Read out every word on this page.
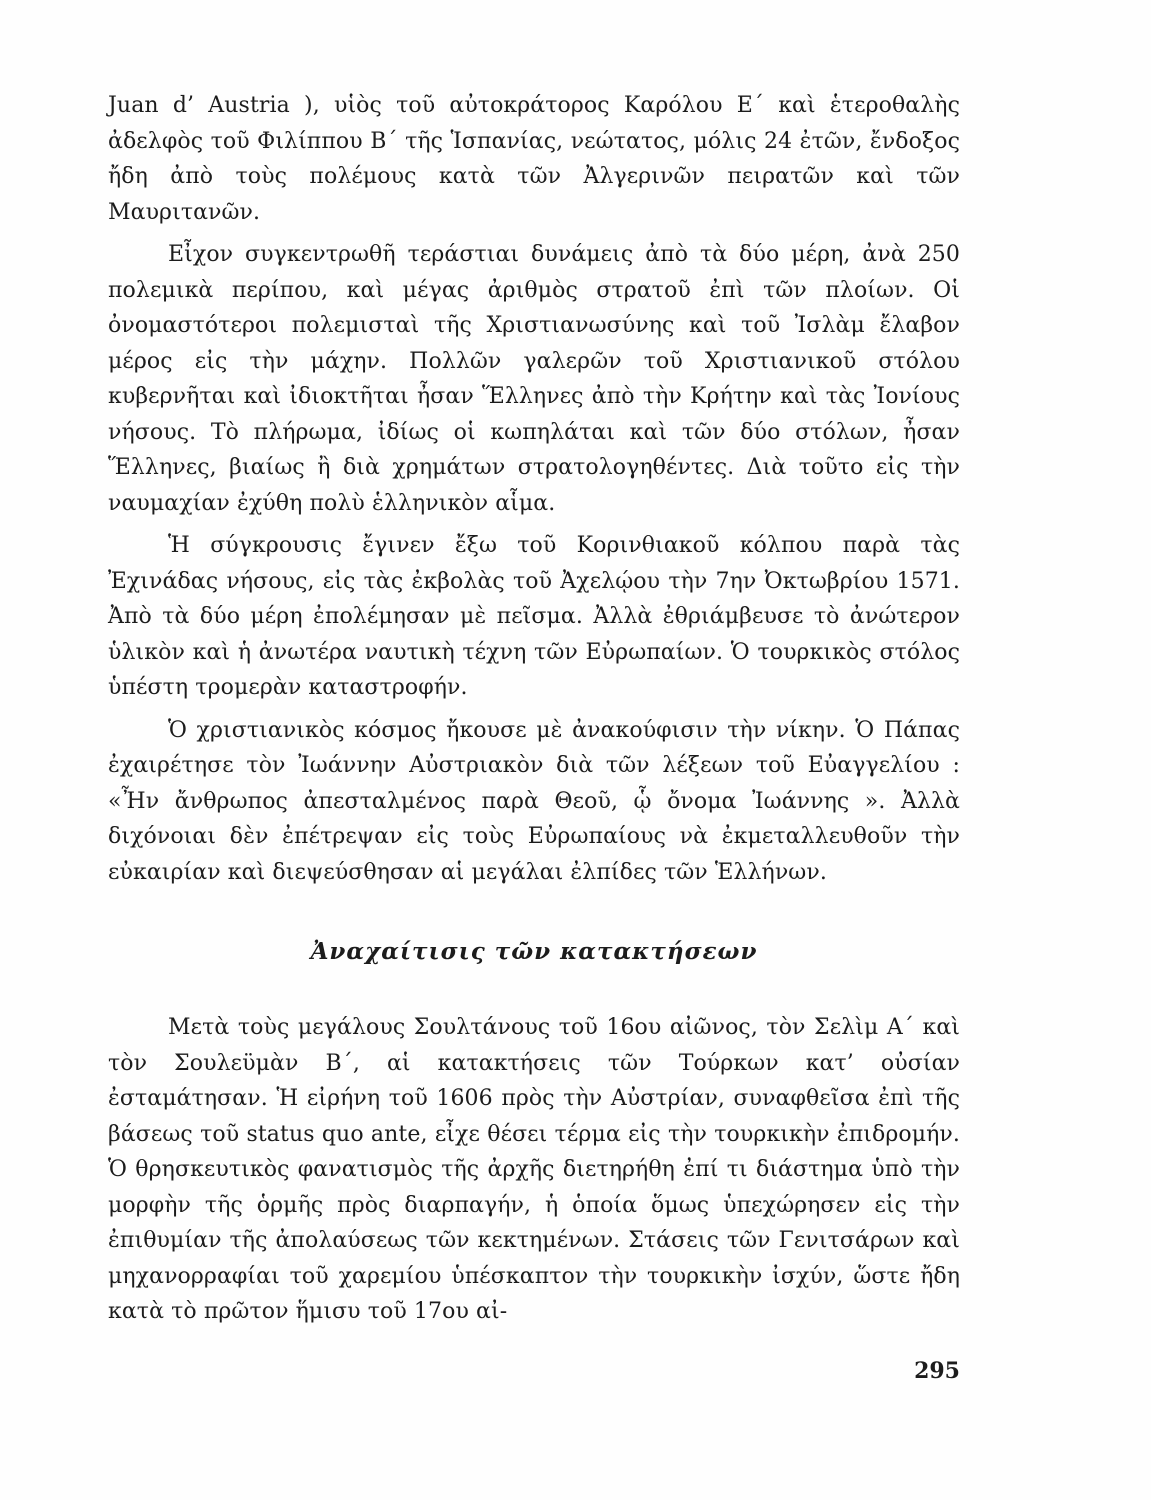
Juan d’ Austria ), υἱὸς τοῦ αὐτοκράτορος Καρόλου Ε΄ καὶ ἑτεροθαλὴς ἀδελφὸς τοῦ Φιλίππου Β΄ τῆς Ἱσπανίας, νεώτατος, μόλις 24 ἐτῶν, ἔνδοξος ἤδη ἀπὸ τοὺς πολέμους κατὰ τῶν Ἀλγερινῶν πειρατῶν καὶ τῶν Μαυριτανῶν.

Εἶχον συγκεντρωθῆ τεράστιαι δυνάμεις ἀπὸ τὰ δύο μέρη, ἀνὰ 250 πολεμικὰ περίπου, καὶ μέγας ἀριθμὸς στρατοῦ ἐπὶ τῶν πλοίων. Οἱ ὀνομαστότεροι πολεμισταὶ τῆς Χριστιανωσύνης καὶ τοῦ Ἰσλὰμ ἔλαβον μέρος εἰς τὴν μάχην. Πολλῶν γαλερῶν τοῦ Χριστιανικοῦ στόλου κυβερνῆται καὶ ἰδιοκτῆται ἦσαν Ἕλληνες ἀπὸ τὴν Κρήτην καὶ τὰς Ἰονίους νήσους. Τὸ πλήρωμα, ἰδίως οἱ κωπηλάται καὶ τῶν δύο στόλων, ἦσαν Ἕλληνες, βιαίως ἢ διὰ χρημάτων στρατολογηθέντες. Διὰ τοῦτο εἰς τὴν ναυμαχίαν ἐχύθη πολὺ ἑλληνικὸν αἷμα.

Ἡ σύγκρουσις ἔγινεν ἔξω τοῦ Κορινθιακοῦ κόλπου παρὰ τὰς Ἐχινάδας νήσους, εἰς τὰς ἐκβολὰς τοῦ Ἀχελῴου τὴν 7ην Ὀκτωβρίου 1571. Ἀπὸ τὰ δύο μέρη ἐπολέμησαν μὲ πεῖσμα. Ἀλλὰ ἐθριάμβευσε τὸ ἀνώτερον ὑλικὸν καὶ ἡ ἀνωτέρα ναυτικὴ τέχνη τῶν Εὐρωπαίων. Ὁ τουρκικὸς στόλος ὑπέστη τρομερὰν καταστροφήν.

Ὁ χριστιανικὸς κόσμος ἤκουσε μὲ ἀνακούφισιν τὴν νίκην. Ὁ Πάπας ἐχαιρέτησε τὸν Ἰωάννην Αὐστριακὸν διὰ τῶν λέξεων τοῦ Εὐαγγελίου : «Ἦν ἄνθρωπος ἀπεσταλμένος παρὰ Θεοῦ, ᾧ ὄνομα Ἰωάννης ». Ἀλλὰ διχόνοιαι δὲν ἐπέτρεψαν εἰς τοὺς Εὐρωπαίους νὰ ἐκμεταλλευθοῦν τὴν εὐκαιρίαν καὶ διεψεύσθησαν αἱ μεγάλαι ἐλπίδες τῶν Ἑλλήνων.

Ἀναχαίτισις τῶν κατακτήσεων

Μετὰ τοὺς μεγάλους Σουλτάνους τοῦ 16ου αἰῶνος, τὸν Σελὶμ Α΄ καὶ τὸν Σουλεϋμὰν Β΄, αἱ κατακτήσεις τῶν Τούρκων κατ’ οὐσίαν ἐσταμάτησαν. Ἡ εἰρήνη τοῦ 1606 πρὸς τὴν Αὐστρίαν, συναφθεῖσα ἐπὶ τῆς βάσεως τοῦ status quo ante, εἶχε θέσει τέρμα εἰς τὴν τουρκικὴν ἐπιδρομήν. Ὁ θρησκευτικὸς φανατισμὸς τῆς ἀρχῆς διετηρήθη ἐπί τι διάστημα ὑπὸ τὴν μορφὴν τῆς ὁρμῆς πρὸς διαρπαγήν, ἡ ὁποία ὅμως ὑπεχώρησεν εἰς τὴν ἐπιθυμίαν τῆς ἀπολαύσεως τῶν κεκτημένων. Στάσεις τῶν Γενιτσάρων καὶ μηχανορραφίαι τοῦ χαρεμίου ὑπέσκαπτον τὴν τουρκικὴν ἰσχύν, ὥστε ἤδη κατὰ τὸ πρῶτον ἥμισυ τοῦ 17ου αἰ-

295
